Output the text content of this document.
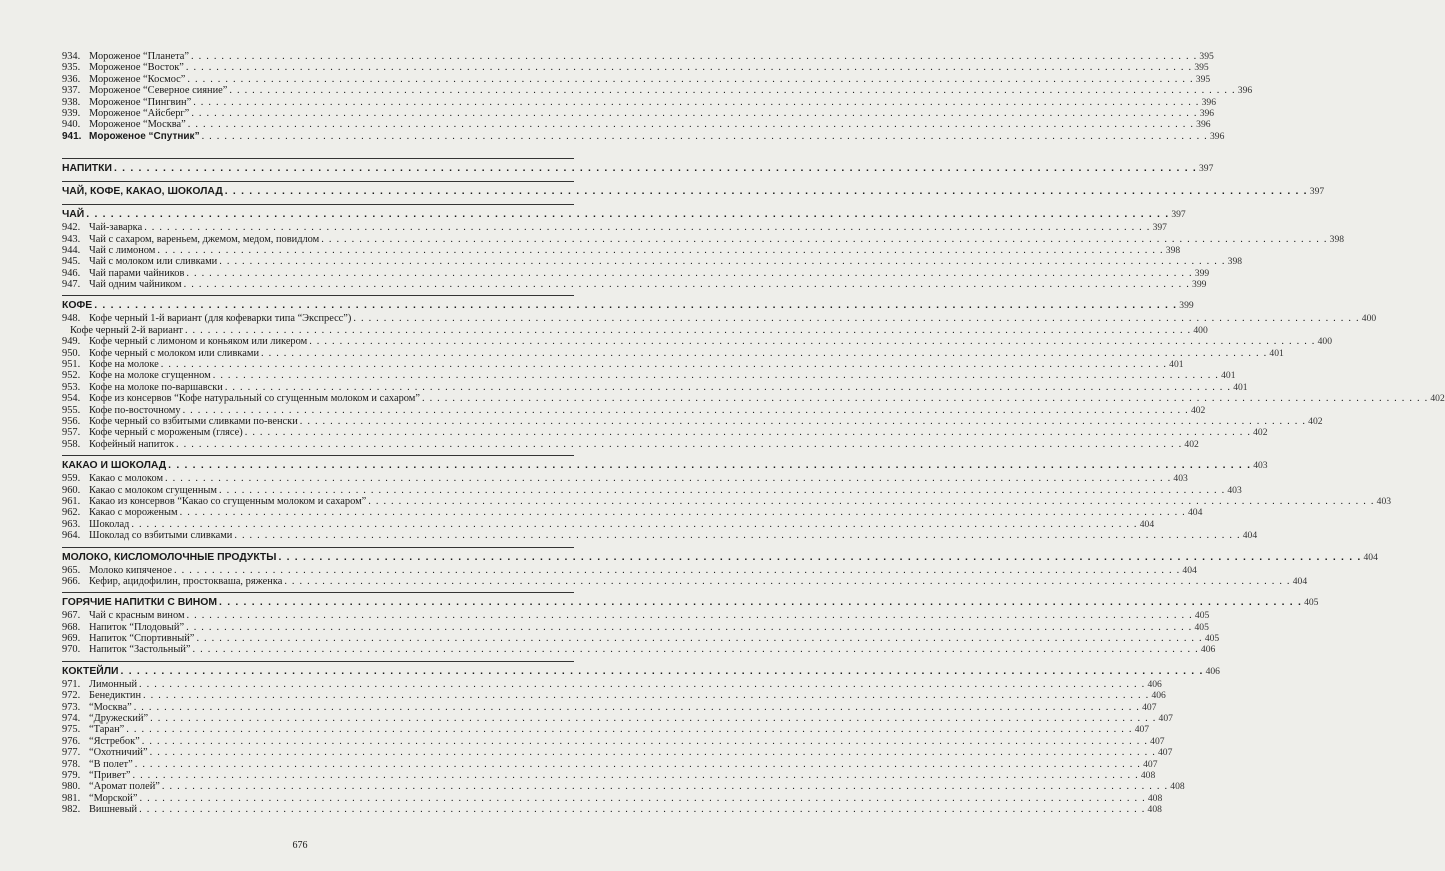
934. Мороженое “Планета” . . .	395
935. Мороженое “Восток” . . .	395
936. Мороженое “Космос” . . .	395
937. Мороженое “Северное сияние” . . .	396
938. Мороженое “Пингвин” . . .	396
939. Мороженое “Айсберг” . . .	396
940. Мороженое “Москва” . . .	396
941. Мороженое “Спутник” . . .	396
НАПИТКИ . . .	397
ЧАЙ, КОФЕ, КАКАО, ШОКОЛАД . . .	397
ЧАЙ . . .	397
942. Чай-заварка . . .	397
943. Чай с сахаром, вареньем, джемом, медом, повидлом . . .	398
944. Чай с лимоном . . .	398
945. Чай с молоком или сливками . . .	398
946. Чай парами чайников . . .	399
947. Чай одним чайником . . .	399
КОФЕ . . .	399
948. Кофе черный 1-й вариант (для кофеварки типа “Экспресс”) . . .	400
Кофе черный 2-й вариант . . .	400
949. Кофе черный с лимоном и коньяком или ликером . . .	400
950. Кофе черный с молоком или сливками . . .	401
951. Кофе на молоке . . .	401
952. Кофе на молоке сгущенном . . .	401
953. Кофе на молоке по-варшавски . . .	401
954. Кофе из консервов “Кофе натуральный со сгущенным молоком и сахаром” . . .	402
955. Кофе по-восточному . . .	402
956. Кофе черный со взбитыми сливками по-венски . . .	402
957. Кофе черный с мороженым (глясе) . . .	402
958. Кофейный напиток . . .	402
КАКАО И ШОКОЛАД . . .	403
959. Какао с молоком . . .	403
960. Какао с молоком сгущенным . . .	403
961. Какао из консервов “Какао со сгущенным молоком и сахаром” . . .	403
962. Какао с мороженым . . .	404
963. Шоколад . . .	404
964. Шоколад со взбитыми сливками . . .	404
МОЛОКО, КИСЛОМОЛОЧНЫЕ ПРОДУКТЫ . . .	404
965. Молоко кипяченое . . .	404
966. Кефир, ацидофилин, простокваша, ряженка . . .	404
ГОРЯЧИЕ НАПИТКИ С ВИНОМ . . .	405
967. Чай с красным вином . . .	405
968. Напиток “Плодовый” . . .	405
969. Напиток “Спортивный” . . .	405
970. Напиток “Застольный” . . .	406
КОКТЕЙЛИ . . .	406
971. Лимонный . . .	406
972. Бенедиктин . . .	406
973. “Москва” . . .	407
974. “Дружеский” . . .	407
975. “Таран” . . .	407
976. “Ястребок” . . .	407
977. “Охотничий” . . .	407
978. “В полет” . . .	407
979. “Привет” . . .	408
980. “Аромат полей” . . .	408
981. “Морской” . . .	408
982. Вишневый . . .	408
676
